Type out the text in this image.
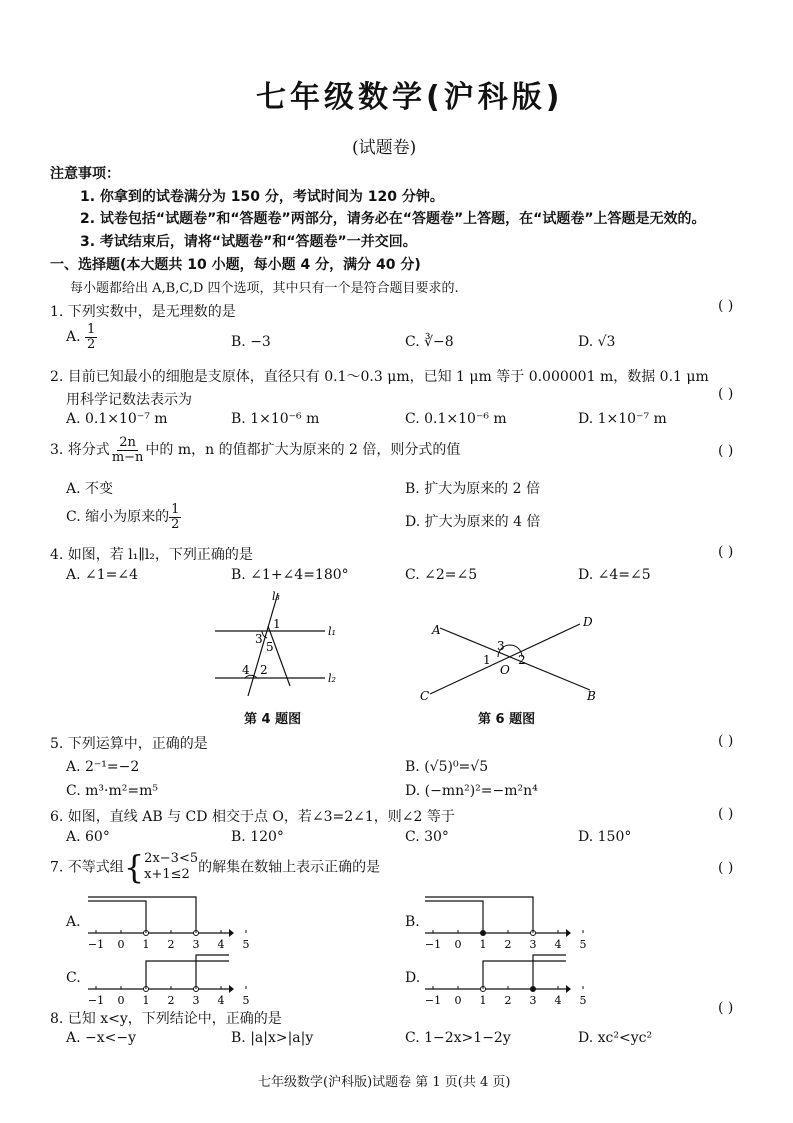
七年级数学(沪科版)
(试题卷)
注意事项：
1. 你拿到的试卷满分为 150 分，考试时间为 120 分钟。
2. 试卷包括“试题卷”和“答题卷”两部分，请务必在“答题卷”上答题，在“试题卷”上答题是无效的。
3. 考试结束后，请将“试题卷”和“答题卷”一并交回。
一、选择题(本大题共 10 小题，每小题 4 分，满分 40 分)
每小题都给出 A,B,C,D 四个选项，其中只有一个是符合题目要求的.
1. 下列实数中，是无理数的是	( )
A. $\frac{1}{2}$	B. −3	C. ∛−8	D. √3
2. 目前已知最小的细胞是支原体，直径只有 0.1～0.3 μm，已知 1 μm 等于 0.000001 m，数据 0.1 μm
用科学记数法表示为	( )
A. 0.1×10⁻⁷ m	B. 1×10⁻⁶ m	C. 0.1×10⁻⁶ m	D. 1×10⁻⁷ m
3. 将分式 $\frac{2n}{m-n}$ 中的 m，n 的值都扩大为原来的 2 倍，则分式的值	( )
A. 不变	B. 扩大为原来的 2 倍
C. 缩小为原来的 $\frac{1}{2}$	D. 扩大为原来的 4 倍
4. 如图，若 l₁∥l₂，下列正确的是	( )
A. ∠1=∠4	B. ∠1+∠4=180°	C. ∠2=∠5	D. ∠4=∠5
l₃
l₁
l₂
1
3
5
4 2
第 4 题图
A
D
C	B
O
1 2
3
第 6 题图
5. 下列运算中，正确的是	( )
A. 2⁻¹=−2	B. (√5)⁰=√5
C. m³·m²=m⁵	D. (−mn²)²=−m²n⁴
6. 如图，直线 AB 与 CD 相交于点 O，若∠3=2∠1，则∠2 等于	( )
A. 60°	B. 120°	C. 30°	D. 150°
7. 不等式组{ 2x−3<5
x+1≤2 的解集在数轴上表示正确的是	( )
A.
−1 0 1 2 3 4 5
B.
−1 0 1 2 3 4 5
C.
−1 0 1 2 3 4 5
D.
−1 0 1 2 3 4 5
8. 已知 x<y，下列结论中，正确的是
( )
A. −x<−y	B. |a|x>|a|y	C. 1−2x>1−2y	D. xc²<yc²
七年级数学(沪科版)试题卷 第 1 页(共 4 页)
